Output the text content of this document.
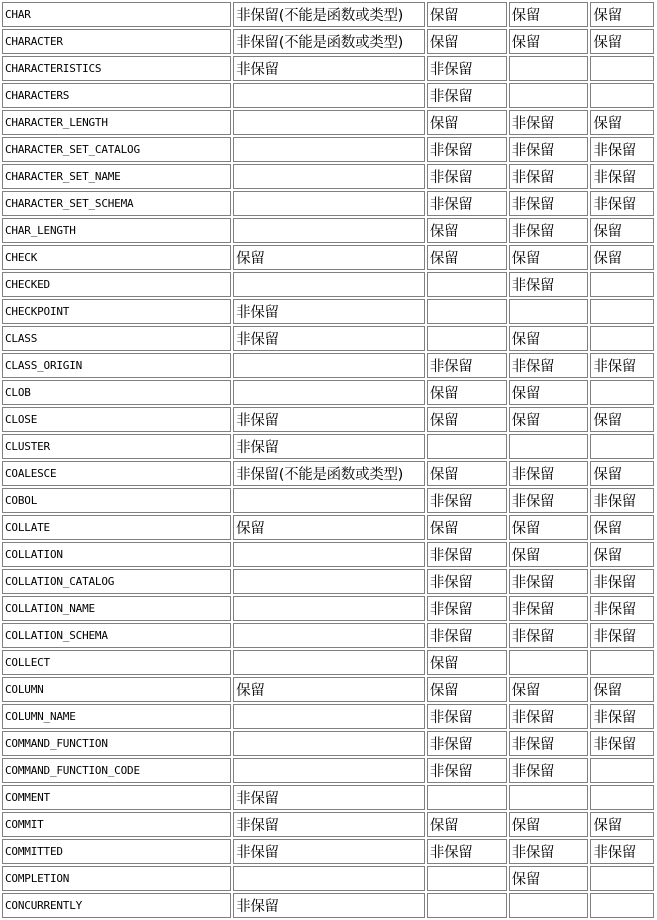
CHAR	非保留(不能是函数或类型)	保留	保留	保留
CHARACTER	非保留(不能是函数或类型)	保留	保留	保留
CHARACTERISTICS	非保留	非保留		
CHARACTERS		非保留		
CHARACTER_LENGTH		保留	非保留	保留
CHARACTER_SET_CATALOG		非保留	非保留	非保留
CHARACTER_SET_NAME		非保留	非保留	非保留
CHARACTER_SET_SCHEMA		非保留	非保留	非保留
CHAR_LENGTH		保留	非保留	保留
CHECK	保留	保留	保留	保留
CHECKED			非保留	
CHECKPOINT	非保留			
CLASS	非保留		保留	
CLASS_ORIGIN		非保留	非保留	非保留
CLOB		保留	保留	
CLOSE	非保留	保留	保留	保留
CLUSTER	非保留			
COALESCE	非保留(不能是函数或类型)	保留	非保留	保留
COBOL		非保留	非保留	非保留
COLLATE	保留	保留	保留	保留
COLLATION		非保留	保留	保留
COLLATION_CATALOG		非保留	非保留	非保留
COLLATION_NAME		非保留	非保留	非保留
COLLATION_SCHEMA		非保留	非保留	非保留
COLLECT		保留		
COLUMN	保留	保留	保留	保留
COLUMN_NAME		非保留	非保留	非保留
COMMAND_FUNCTION		非保留	非保留	非保留
COMMAND_FUNCTION_CODE		非保留	非保留	
COMMENT	非保留			
COMMIT	非保留	保留	保留	保留
COMMITTED	非保留	非保留	非保留	非保留
COMPLETION			保留	
CONCURRENTLY	非保留			
